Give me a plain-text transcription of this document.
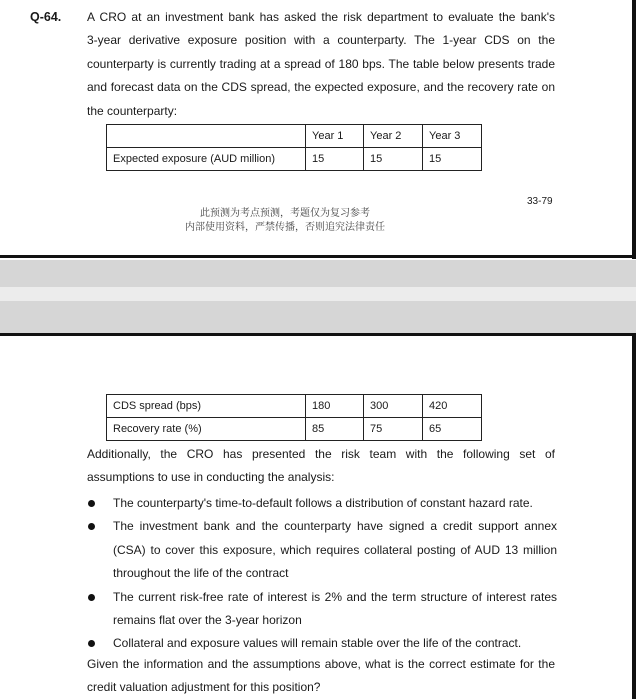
Q-64. A CRO at an investment bank has asked the risk department to evaluate the bank's
3-year derivative exposure position with a counterparty. The 1-year CDS on the
counterparty is currently trading at a spread of 180 bps. The table below presents trade
and forecast data on the CDS spread, the expected exposure, and the recovery rate on
the counterparty:
	Year 1	Year 2	Year 3
Expected exposure (AUD million)	15	15	15
33-79
此预测为考点预测，考题仅为复习参考
内部使用资料，严禁传播，否则追究法律责任
CDS spread (bps)	180	300	420
Recovery rate (%)	85	75	65
Additionally, the CRO has presented the risk team with the following set of
assumptions to use in conducting the analysis:
The counterparty's time-to-default follows a distribution of constant hazard rate.
The investment bank and the counterparty have signed a credit support annex
(CSA) to cover this exposure, which requires collateral posting of AUD 13 million
throughout the life of the contract
The current risk-free rate of interest is 2% and the term structure of interest rates
remains flat over the 3-year horizon
Collateral and exposure values will remain stable over the life of the contract.
Given the information and the assumptions above, what is the correct estimate for the
credit valuation adjustment for this position?
